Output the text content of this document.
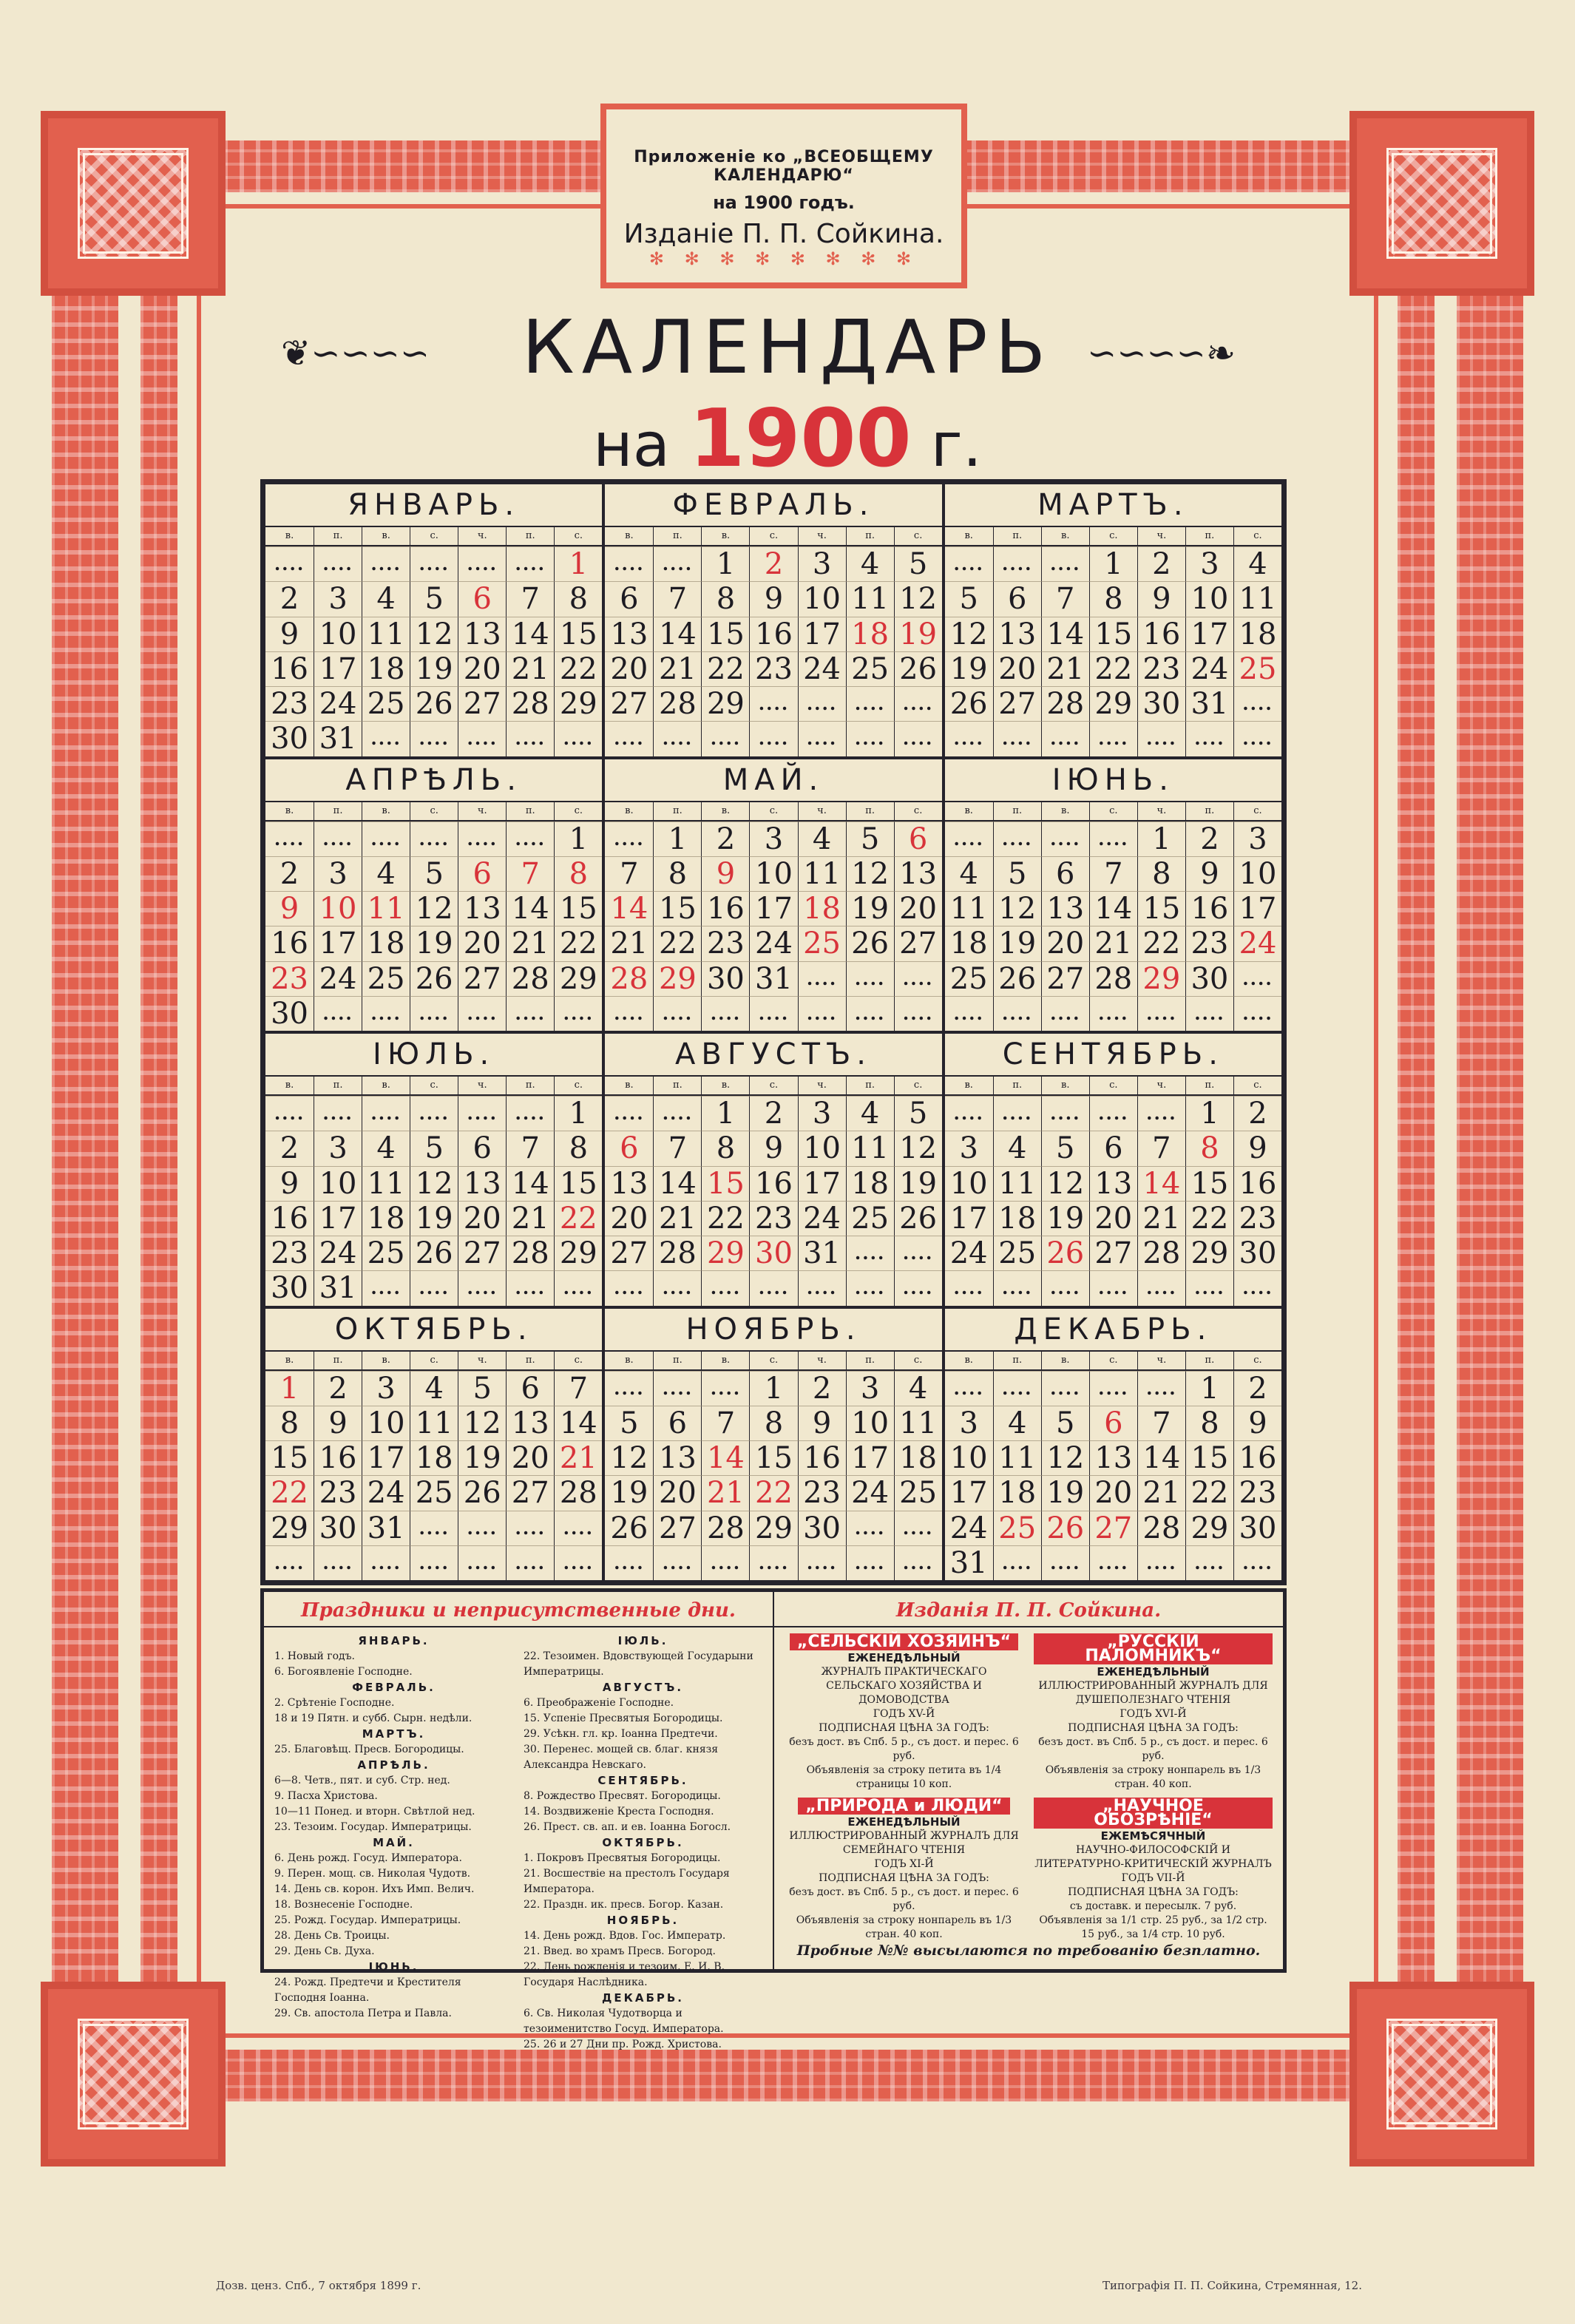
Приложеніе ко „ВСЕОБЩЕМУ КАЛЕНДАРЮ“
на 1900 годъ.
Изданіе П. П. Сойкина.
✻ ✻ ✻ ✻ ✻ ✻ ✻ ✻
❦∽∽∽∽	∽∽∽∽❧
КАЛЕНДАРЬ
на 1900 г.
ЯНВАРЬ.
в.	п.	в.	с.	ч.	п.	с.
....	.... .... .... .... .... 1
2	3 4 5 6 7 8
9 10 11 12 13 14 15
16 17 18 19 20 21 22
23 24 25 26 27 28 29
30 31 .... .... .... .... ....
ФЕВРАЛЬ.
в.	п.	в.	с.	ч.	п.	с.
....	.... 1 2 3 4 5
6	7 8 9 10 11 12
13 14 15 16 17 18 19
20 21 22 23 24 25 26
27 28 29 .... .... .... ....
....	.... .... .... .... .... ....
МАРТЪ.
в.	п.	в.	с.	ч.	п.	с.
....	.... .... 1 2 3 4
5	6 7 8 9 10 11
12 13 14 15 16 17 18
19 20 21 22 23 24 25
26 27 28 29 30 31 ....
....	.... .... .... .... .... ....
АПРѢЛЬ.
в.	п.	в.	с.	ч.	п.	с.
....	.... .... .... .... .... 1
2	3 4 5 6 7 8
9 10 11 12 13 14 15
16 17 18 19 20 21 22
23 24 25 26 27 28 29
30 .... .... .... .... .... ....
МАЙ.
в.	п.	в.	с.	ч.	п.	с.
.... 1 2 3 4 5 6
7	8 9 10 11 12 13
14 15 16 17 18 19 20
21 22 23 24 25 26 27
28 29 30 31 .... .... ....
....	.... .... .... .... .... ....
ІЮНЬ.
в.	п.	в.	с.	ч.	п.	с.
....	.... .... .... 1 2 3
4	5 6 7 8 9 10
11 12 13 14 15 16 17
18 19 20 21 22 23 24
25 26 27 28 29 30 ....
....	.... .... .... .... .... ....
ІЮЛЬ.
в.	п.	в.	с.	ч.	п.	с.
....	.... .... .... .... .... 1
2	3 4 5 6 7 8
9 10 11 12 13 14 15
16 17 18 19 20 21 22
23 24 25 26 27 28 29
30 31 .... .... .... .... ....
АВГУСТЪ.
в.	п.	в.	с.	ч.	п.	с.
....	.... 1 2 3 4 5
6	7 8 9 10 11 12
13 14 15 16 17 18 19
20 21 22 23 24 25 26
27 28 29 30 31 .... ....
....	.... .... .... .... .... ....
СЕНТЯБРЬ.
в.	п.	в.	с.	ч.	п.	с.
....	.... .... .... .... 1 2
3	4 5 6 7 8 9
10 11 12 13 14 15 16
17 18 19 20 21 22 23
24 25 26 27 28 29 30
....	.... .... .... .... .... ....
ОКТЯБРЬ.
в.	п.	в.	с.	ч.	п.	с.
1	2 3 4 5 6 7
8	9 10 11 12 13 14
15 16 17 18 19 20 21
22 23 24 25 26 27 28
29 30 31 .... .... .... ....
....	.... .... .... .... .... ....
НОЯБРЬ.
в.	п.	в.	с.	ч.	п.	с.
....	.... .... 1 2 3 4
5	6 7 8 9 10 11
12 13 14 15 16 17 18
19 20 21 22 23 24 25
26 27 28 29 30 .... ....
....	.... .... .... .... .... ....
ДЕКАБРЬ.
в.	п.	в.	с.	ч.	п.	с.
....	.... .... .... .... 1 2
3	4 5 6 7 8 9
10 11 12 13 14 15 16
17 18 19 20 21 22 23
24 25 26 27 28 29 30
31 .... .... .... .... .... ....
Праздники и неприсутственные дни.
ЯНВАРЬ.
1. Новый годъ.
6. Богоявленіе Господне.
ФЕВРАЛЬ.
2. Срѣтеніе Господне.
18 и 19 Пятн. и субб. Сырн. недѣли.
МАРТЪ.
25. Благовѣщ. Пресв. Богородицы.
АПРѢЛЬ.
6—8. Четв., пят. и суб. Стр. нед.
9. Пасха Христова.
10—11 Понед. и вторн. Свѣтлой нед.
23. Тезоим. Государ. Императрицы.
МАЙ.
6. День рожд. Госуд. Императора.
9. Перен. мощ. св. Николая Чудотв.
14. День св. корон. Ихъ Имп. Велич.
18. Вознесеніе Господне.
25. Рожд. Государ. Императрицы.
28. День Св. Троицы.
29. День Св. Духа.
ІЮНЬ.
24. Рожд. Предтечи и Крестителя Господня Іоанна.
29. Св. апостола Петра и Павла.
ІЮЛЬ.
22. Тезоимен. Вдовствующей Государыни Императрицы.
АВГУСТЪ.
6. Преображеніе Господне.
15. Успеніе Пресвятыя Богородицы.
29. Усѣкн. гл. кр. Іоанна Предтечи.
30. Перенес. мощей св. благ. князя Александра Невскаго.
СЕНТЯБРЬ.
8. Рождество Пресвят. Богородицы.
14. Воздвиженіе Креста Господня.
26. Прест. св. ап. и ев. Іоанна Богосл.
ОКТЯБРЬ.
1. Покровъ Пресвятыя Богородицы.
21. Восшествіе на престолъ Государя Императора.
22. Праздн. ик. пресв. Богор. Казан.
НОЯБРЬ.
14. День рожд. Вдов. Гос. Императр.
21. Введ. во храмъ Пресв. Богород.
22. День рожденія и тезоим. Е. И. В. Государя Наслѣдника.
ДЕКАБРЬ.
6. Св. Николая Чудотворца и тезоименитство Госуд. Императора.
25. 26 и 27 Дни пр. Рожд. Христова.
Изданія П. П. Сойкина.
„СЕЛЬСКІЙ ХОЗЯИНЪ“
ЕЖЕНЕДѢЛЬНЫЙ
ЖУРНАЛЪ ПРАКТИЧЕСКАГО СЕЛЬСКАГО ХОЗЯЙСТВА И ДОМОВОДСТВА
ГОДЪ XV-Й
ПОДПИСНАЯ ЦѢНА ЗА ГОДЪ:
безъ дост. въ Спб. 5 р., съ дост. и перес. 6 руб.
Объявленія за строку петита въ 1/4 страницы 10 коп.
„РУССКІЙ ПАЛОМНИКЪ“
ЕЖЕНЕДѢЛЬНЫЙ
ИЛЛЮСТРИРОВАННЫЙ ЖУРНАЛЪ ДЛЯ ДУШЕПОЛЕЗНАГО ЧТЕНІЯ
ГОДЪ XVI-Й
ПОДПИСНАЯ ЦѢНА ЗА ГОДЪ:
безъ дост. въ Спб. 5 р., съ дост. и перес. 6 руб.
Объявленія за строку нонпарель въ 1/3 стран. 40 коп.
„ПРИРОДА и ЛЮДИ“
ЕЖЕНЕДѢЛЬНЫЙ
ИЛЛЮСТРИРОВАННЫЙ ЖУРНАЛЪ ДЛЯ СЕМЕЙНАГО ЧТЕНІЯ
ГОДЪ XI-Й
ПОДПИСНАЯ ЦѢНА ЗА ГОДЪ:
безъ дост. въ Спб. 5 р., съ дост. и перес. 6 руб.
Объявленія за строку нонпарель въ 1/3 стран. 40 коп.
„НАУЧНОЕ ОБОЗРѢНІЕ“
ЕЖЕМѢСЯЧНЫЙ
НАУЧНО-ФИЛОСОФСКІЙ И ЛИТЕРАТУРНО-КРИТИЧЕСКІЙ ЖУРНАЛЪ
ГОДЪ VII-Й
ПОДПИСНАЯ ЦѢНА ЗА ГОДЪ:
съ доставк. и пересылк. 7 руб.
Объявленія за 1/1 стр. 25 руб., за 1/2 стр. 15 руб., за 1/4 стр. 10 руб.
Пробные №№ высылаются по требованію безплатно.
Дозв. ценз. Спб., 7 октября 1899 г.	Типографія П. П. Сойкина, Стремянная, 12.
